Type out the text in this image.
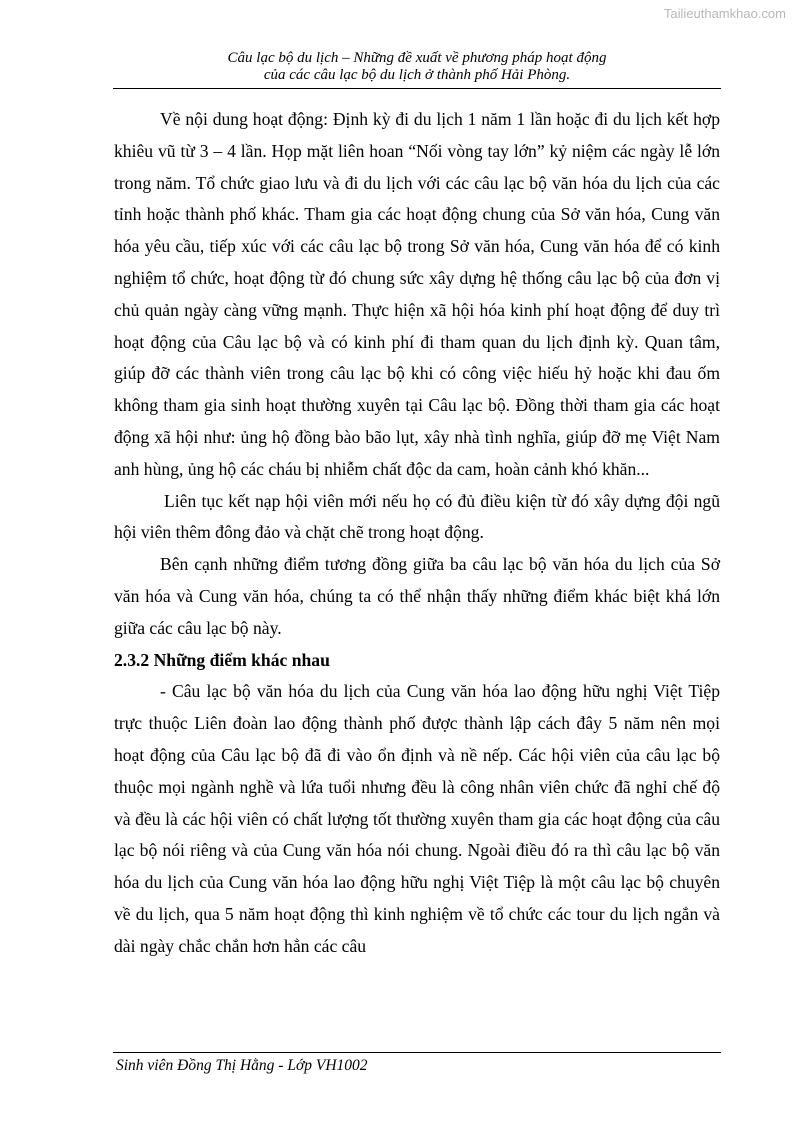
Tailieuthamkhao.com
Câu lạc bộ du lịch – Những đề xuất về phương pháp hoạt động
của các câu lạc bộ du lịch ở thành phố Hải Phòng.

Về nội dung hoạt động: Định kỳ đi du lịch 1 năm 1 lần hoặc đi du lịch kết hợp khiêu vũ từ 3 – 4 lần. Họp mặt liên hoan “Nối vòng tay lớn” kỷ niệm các ngày lễ lớn trong năm. Tổ chức giao lưu và đi du lịch với các câu lạc bộ văn hóa du lịch của các tỉnh hoặc thành phố khác. Tham gia các hoạt động chung của Sở văn hóa, Cung văn hóa yêu cầu, tiếp xúc với các câu lạc bộ trong Sở văn hóa, Cung văn hóa để có kinh nghiệm tổ chức, hoạt động từ đó chung sức xây dựng hệ thống câu lạc bộ của đơn vị chủ quản ngày càng vững mạnh. Thực hiện xã hội hóa kinh phí hoạt động để duy trì hoạt động của Câu lạc bộ và có kinh phí đi tham quan du lịch định kỳ. Quan tâm, giúp đỡ các thành viên trong câu lạc bộ khi có công việc hiếu hỷ hoặc khi đau ốm không tham gia sinh hoạt thường xuyên tại Câu lạc bộ. Đồng thời tham gia các hoạt động xã hội như: ủng hộ đồng bào bão lụt, xây nhà tình nghĩa, giúp đỡ mẹ Việt Nam anh hùng, ủng hộ các cháu bị nhiễm chất độc da cam, hoàn cảnh khó khăn...

Liên tục kết nạp hội viên mới nếu họ có đủ điều kiện từ đó xây dựng đội ngũ hội viên thêm đông đảo và chặt chẽ trong hoạt động.

Bên cạnh những điểm tương đồng giữa ba câu lạc bộ văn hóa du lịch của Sở văn hóa và Cung văn hóa, chúng ta có thể nhận thấy những điểm khác biệt khá lớn giữa các câu lạc bộ này.

2.3.2 Những điểm khác nhau

- Câu lạc bộ văn hóa du lịch của Cung văn hóa lao động hữu nghị Việt Tiệp trực thuộc Liên đoàn lao động thành phố được thành lập cách đây 5 năm nên mọi hoạt động của Câu lạc bộ đã đi vào ổn định và nề nếp. Các hội viên của câu lạc bộ thuộc mọi ngành nghề và lứa tuổi nhưng đều là công nhân viên chức đã nghỉ chế độ và đều là các hội viên có chất lượng tốt thường xuyên tham gia các hoạt động của câu lạc bộ nói riêng và của Cung văn hóa nói chung. Ngoài điều đó ra thì câu lạc bộ văn hóa du lịch của Cung văn hóa lao động hữu nghị Việt Tiệp là một câu lạc bộ chuyên về du lịch, qua 5 năm hoạt động thì kinh nghiệm về tổ chức các tour du lịch ngắn và dài ngày chắc chắn hơn hẳn các câu

Sinh viên Đồng Thị Hằng - Lớp VH1002
